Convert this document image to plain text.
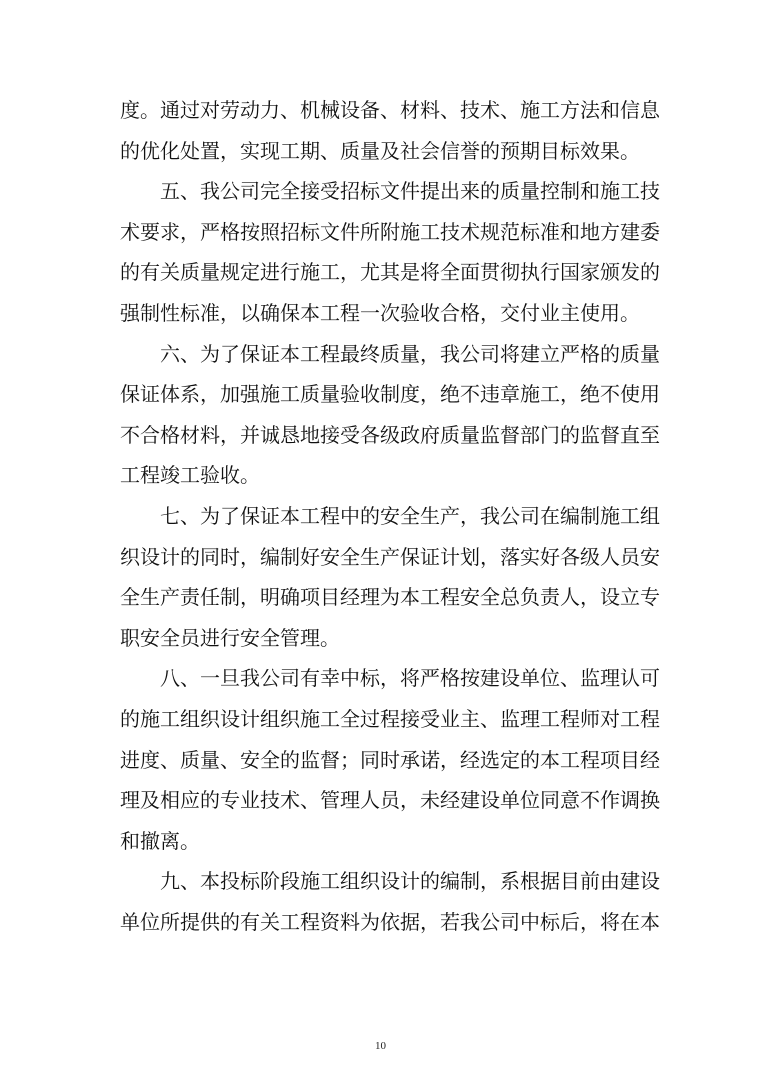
度。通过对劳动力、机械设备、材料、技术、施工方法和信息
的优化处置，实现工期、质量及社会信誉的预期目标效果。
五、我公司完全接受招标文件提出来的质量控制和施工技
术要求，严格按照招标文件所附施工技术规范标准和地方建委
的有关质量规定进行施工，尤其是将全面贯彻执行国家颁发的
强制性标准，以确保本工程一次验收合格，交付业主使用。
六、为了保证本工程最终质量，我公司将建立严格的质量
保证体系，加强施工质量验收制度，绝不违章施工，绝不使用
不合格材料，并诚恳地接受各级政府质量监督部门的监督直至
工程竣工验收。
七、为了保证本工程中的安全生产，我公司在编制施工组
织设计的同时，编制好安全生产保证计划，落实好各级人员安
全生产责任制，明确项目经理为本工程安全总负责人，设立专
职安全员进行安全管理。
八、一旦我公司有幸中标，将严格按建设单位、监理认可
的施工组织设计组织施工全过程接受业主、监理工程师对工程
进度、质量、安全的监督；同时承诺，经选定的本工程项目经
理及相应的专业技术、管理人员，未经建设单位同意不作调换
和撤离。
九、本投标阶段施工组织设计的编制，系根据目前由建设
单位所提供的有关工程资料为依据，若我公司中标后，将在本
10
